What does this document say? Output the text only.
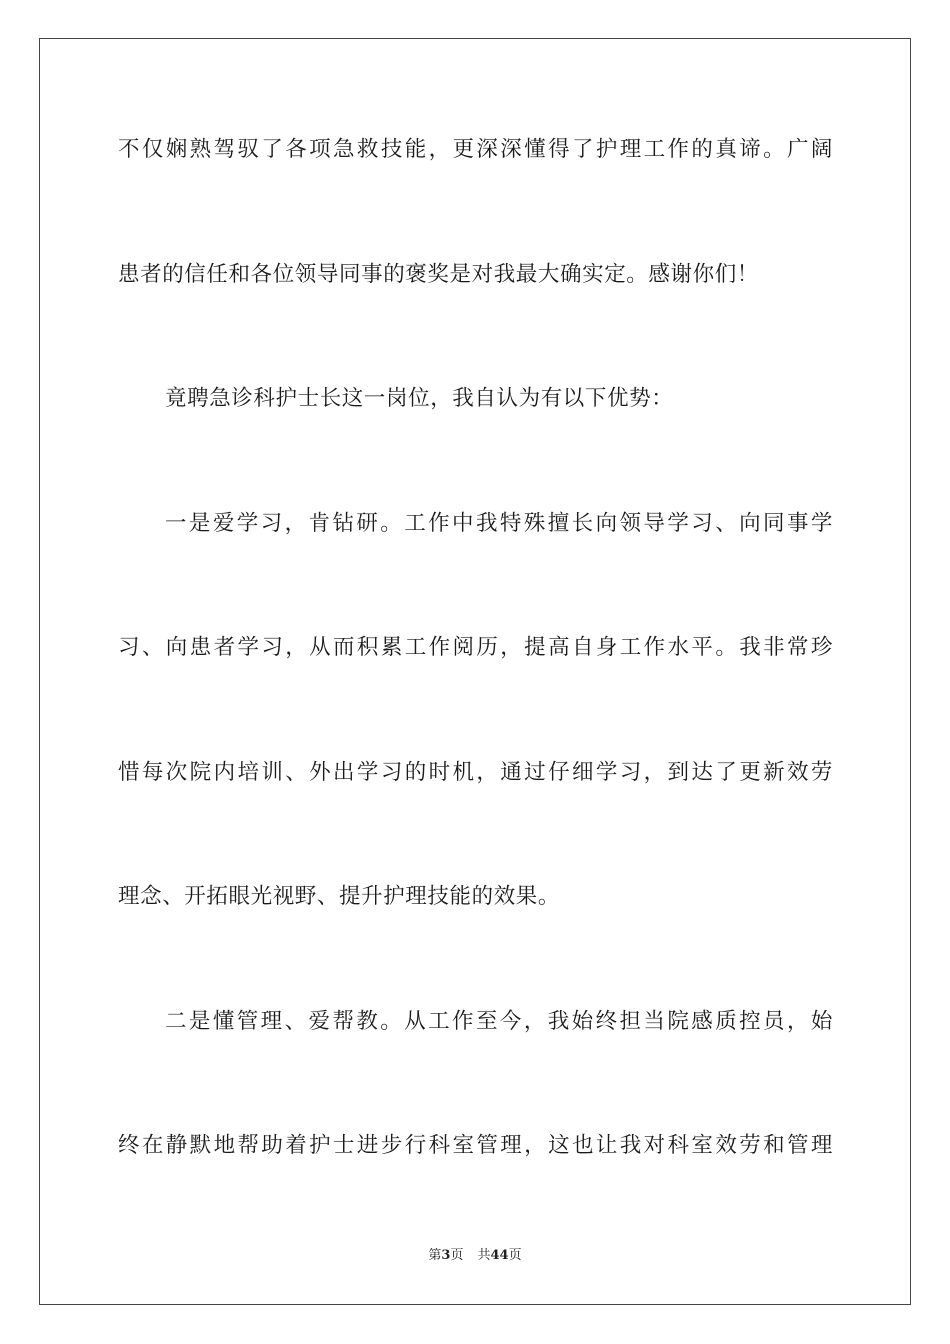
不仅娴熟驾驭了各项急救技能，更深深懂得了护理工作的真谛。广阔
患者的信任和各位领导同事的褒奖是对我最大确实定。感谢你们！
竟聘急诊科护士长这一岗位，我自认为有以下优势：
一是爱学习，肯钻研。工作中我特殊擅长向领导学习、向同事学
习、向患者学习，从而积累工作阅历，提高自身工作水平。我非常珍
惜每次院内培训、外出学习的时机，通过仔细学习，到达了更新效劳
理念、开拓眼光视野、提升护理技能的效果。
二是懂管理、爱帮教。从工作至今，我始终担当院感质控员，始
终在静默地帮助着护士进步行科室管理，这也让我对科室效劳和管理
第3页 共44页
